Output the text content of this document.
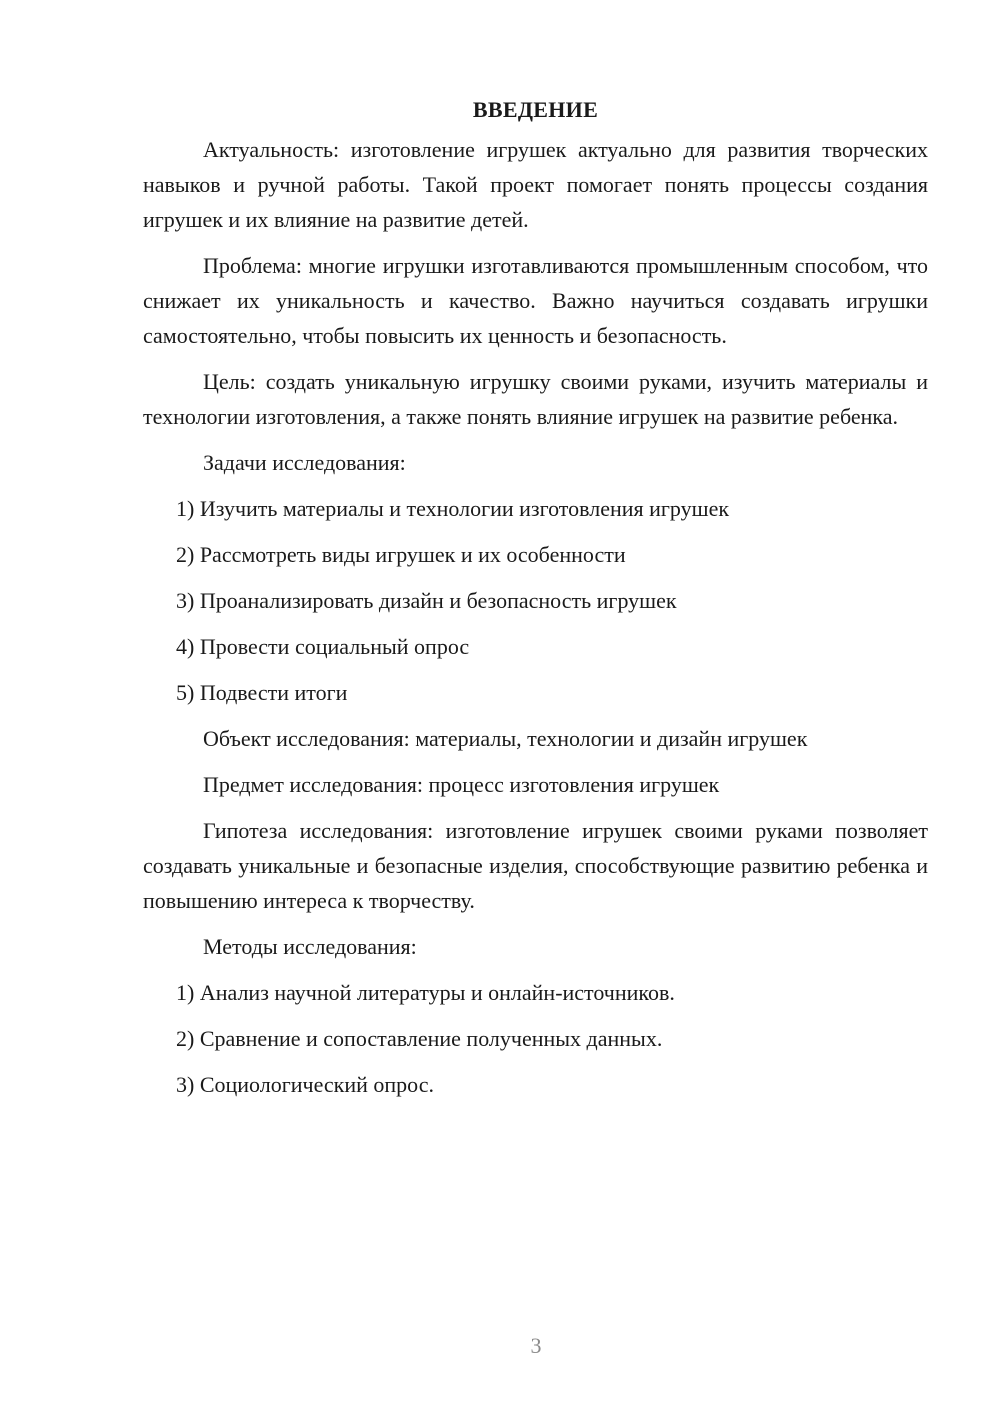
ВВЕДЕНИЕ

Актуальность: изготовление игрушек актуально для развития творческих навыков и ручной работы. Такой проект помогает понять процессы создания игрушек и их влияние на развитие детей.

Проблема: многие игрушки изготавливаются промышленным способом, что снижает их уникальность и качество. Важно научиться создавать игрушки самостоятельно, чтобы повысить их ценность и безопасность.

Цель: создать уникальную игрушку своими руками, изучить материалы и технологии изготовления, а также понять влияние игрушек на развитие ребенка.

Задачи исследования:

1) Изучить материалы и технологии изготовления игрушек

2) Рассмотреть виды игрушек и их особенности

3) Проанализировать дизайн и безопасность игрушек

4) Провести социальный опрос

5) Подвести итоги

Объект исследования: материалы, технологии и дизайн игрушек

Предмет исследования: процесс изготовления игрушек

Гипотеза исследования: изготовление игрушек своими руками позволяет создавать уникальные и безопасные изделия, способствующие развитию ребенка и повышению интереса к творчеству.

Методы исследования:

1) Анализ научной литературы и онлайн-источников.

2) Сравнение и сопоставление полученных данных.

3) Социологический опрос.

3
